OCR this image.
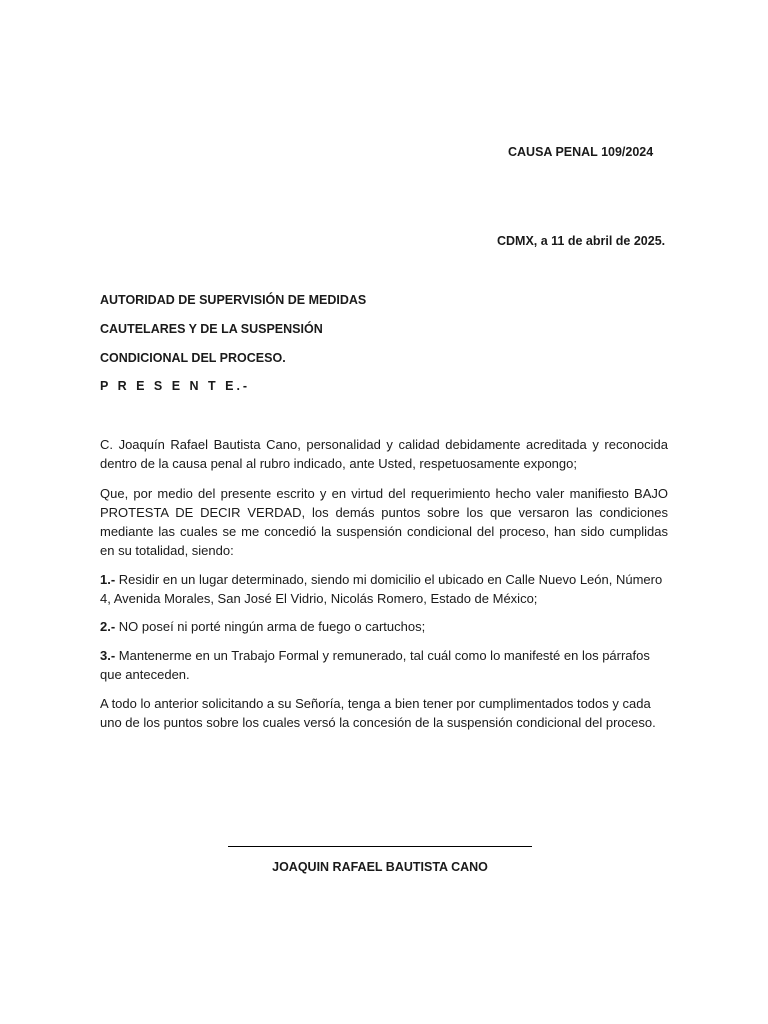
CAUSA PENAL 109/2024

CDMX, a 11 de abril de 2025.

AUTORIDAD DE SUPERVISIÓN DE MEDIDAS

CAUTELARES Y DE LA SUSPENSIÓN

CONDICIONAL DEL PROCESO.

P R E S E N T E.-

C. Joaquín Rafael Bautista Cano, personalidad y calidad debidamente acreditada y reconocida dentro de la causa penal al rubro indicado, ante Usted, respetuosamente expongo;

Que, por medio del presente escrito y en virtud del requerimiento hecho valer manifiesto BAJO PROTESTA DE DECIR VERDAD, los demás puntos sobre los que versaron las condiciones mediante las cuales se me concedió la suspensión condicional del proceso, han sido cumplidas en su totalidad, siendo:

1.- Residir en un lugar determinado, siendo mi domicilio el ubicado en Calle Nuevo León, Número 4, Avenida Morales, San José El Vidrio, Nicolás Romero, Estado de México;

2.- NO poseí ni porté ningún arma de fuego o cartuchos;

3.- Mantenerme en un Trabajo Formal y remunerado, tal cuál como lo manifesté en los párrafos que anteceden.

A todo lo anterior solicitando a su Señoría, tenga a bien tener por cumplimentados todos y cada uno de los puntos sobre los cuales versó la concesión de la suspensión condicional del proceso.

JOAQUIN RAFAEL BAUTISTA CANO
